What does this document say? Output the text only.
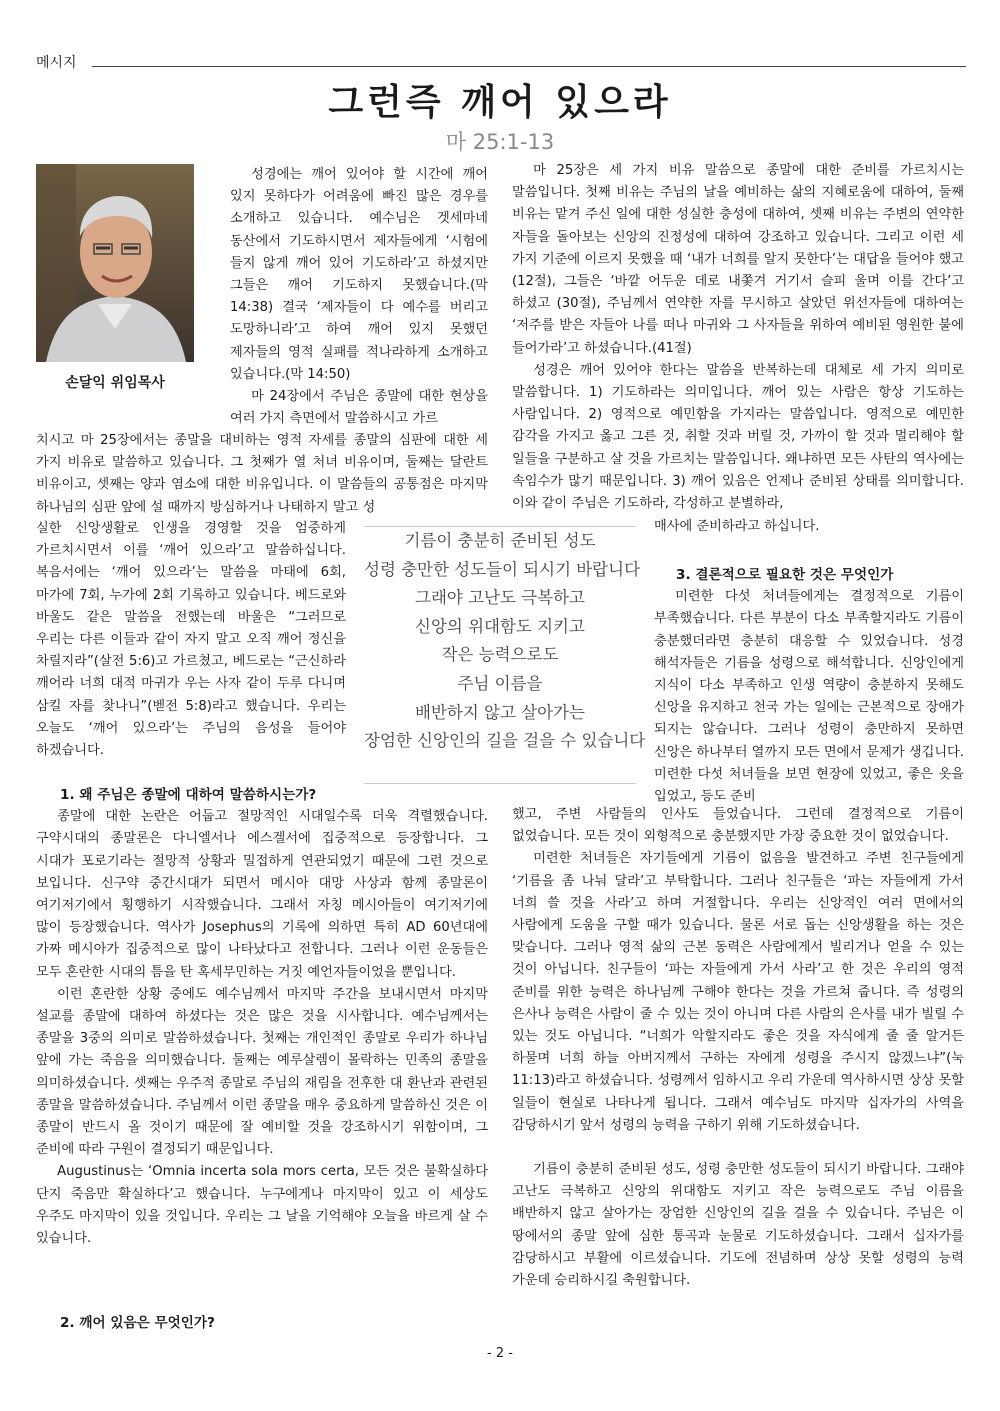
메시지
그런즉 깨어 있으라
마 25:1-13
손달익 위임목사

성경에는 깨어 있어야 할 시간에 깨어 있지 못하다가 어려움에 빠진 많은 경우를 소개하고 있습니다. 예수님은 겟세마네 동산에서 기도하시면서 제자들에게 ‘시험에 들지 않게 깨어 있어 기도하라’고 하셨지만 그들은 깨어 기도하지 못했습니다.(막 14:38) 결국 ‘제자들이 다 예수를 버리고 도망하니라’고 하여 깨어 있지 못했던 제자들의 영적 실패를 적나라하게 소개하고 있습니다.(막 14:50)

마 24장에서 주님은 종말에 대한 현상을 여러 가지 측면에서 말씀하시고 가르

치시고 마 25장에서는 종말을 대비하는 영적 자세를 종말의 심판에 대한 세 가지 비유로 말씀하고 있습니다. 그 첫째가 열 처녀 비유이며, 둘째는 달란트 비유이고, 셋째는 양과 염소에 대한 비유입니다. 이 말씀들의 공통점은 마지막 하나님의 심판 앞에 설 때까지 방심하거나 나태하지 말고 성

실한 신앙생활로 인생을 경영할 것을 엄중하게 가르치시면서 이를 ‘깨어 있으라’고 말씀하십니다. 복음서에는 ‘깨어 있으라’는 말씀을 마태에 6회, 마가에 7회, 누가에 2회 기록하고 있습니다. 베드로와 바울도 같은 말씀을 전했는데 바울은 “그러므로 우리는 다른 이들과 같이 자지 말고 오직 깨어 정신을 차릴지라”(살전 5:6)고 가르쳤고, 베드로는 “근신하라 깨어라 너희 대적 마귀가 우는 사자 같이 두루 다니며 삼킬 자를 찾나니”(벧전 5:8)라고 했습니다. 우리는 오늘도 ‘깨어 있으라’는 주님의 음성을 들어야 하겠습니다.

기름이 충분히 준비된 성도
성령 충만한 성도들이 되시기 바랍니다
그래야 고난도 극복하고
신앙의 위대함도 지키고
작은 능력으로도
주님 이름을
배반하지 않고 살아가는
장엄한 신앙인의 길을 걸을 수 있습니다
1. 왜 주님은 종말에 대하여 말씀하시는가?

종말에 대한 논란은 어둡고 절망적인 시대일수록 더욱 격렬했습니다. 구약시대의 종말론은 다니엘서나 에스겔서에 집중적으로 등장합니다. 그 시대가 포로기라는 절망적 상황과 밀접하게 연관되었기 때문에 그런 것으로 보입니다. 신구약 중간시대가 되면서 메시아 대망 사상과 함께 종말론이 여기저기에서 횡행하기 시작했습니다. 그래서 자칭 메시아들이 여기저기에 많이 등장했습니다. 역사가 Josephus의 기록에 의하면 특히 AD 60년대에 가짜 메시아가 집중적으로 많이 나타났다고 전합니다. 그러나 이런 운동들은 모두 혼란한 시대의 틈을 탄 혹세무민하는 거짓 예언자들이었을 뿐입니다.

이런 혼란한 상황 중에도 예수님께서 마지막 주간을 보내시면서 마지막 설교를 종말에 대하여 하셨다는 것은 많은 것을 시사합니다. 예수님께서는 종말을 3중의 의미로 말씀하셨습니다. 첫째는 개인적인 종말로 우리가 하나님 앞에 가는 죽음을 의미했습니다. 둘째는 예루살렘이 몰락하는 민족의 종말을 의미하셨습니다. 셋째는 우주적 종말로 주님의 재림을 전후한 대 환난과 관련된 종말을 말씀하셨습니다. 주님께서 이런 종말을 매우 중요하게 말씀하신 것은 이 종말이 반드시 올 것이기 때문에 잘 예비할 것을 강조하시기 위함이며, 그 준비에 따라 구원이 결정되기 때문입니다.

Augustinus는 ‘Omnia incerta sola mors certa, 모든 것은 불확실하다 단지 죽음만 확실하다’고 했습니다. 누구에게나 마지막이 있고 이 세상도 우주도 마지막이 있을 것입니다. 우리는 그 날을 기억해야 오늘을 바르게 살 수 있습니다.

2. 깨어 있음은 무엇인가?

마 25장은 세 가지 비유 말씀으로 종말에 대한 준비를 가르치시는 말씀입니다. 첫째 비유는 주님의 날을 예비하는 삶의 지혜로움에 대하여, 둘째 비유는 맡겨 주신 일에 대한 성실한 충성에 대하여, 셋째 비유는 주변의 연약한 자들을 돌아보는 신앙의 진정성에 대하여 강조하고 있습니다. 그리고 이런 세 가지 기준에 이르지 못했을 때 ‘내가 너희를 알지 못한다’는 대답을 들어야 했고(12절), 그들은 ‘바깥 어두운 데로 내쫓겨 거기서 슬피 울며 이를 간다’고 하셨고 (30절), 주님께서 연약한 자를 무시하고 살았던 위선자들에 대하여는 ‘저주를 받은 자들아 나를 떠나 마귀와 그 사자들을 위하여 예비된 영원한 불에 들어가라’고 하셨습니다.(41절)

성경은 깨어 있어야 한다는 말씀을 반복하는데 대체로 세 가지 의미로 말씀합니다. 1) 기도하라는 의미입니다. 깨어 있는 사람은 항상 기도하는 사람입니다. 2) 영적으로 예민함을 가지라는 말씀입니다. 영적으로 예민한 감각을 가지고 옳고 그른 것, 취할 것과 버릴 것, 가까이 할 것과 멀리해야 할 일들을 구분하고 살 것을 가르치는 말씀입니다. 왜냐하면 모든 사탄의 역사에는 속임수가 많기 때문입니다. 3) 깨어 있음은 언제나 준비된 상태를 의미합니다. 이와 같이 주님은 기도하라, 각성하고 분별하라,

매사에 준비하라고 하십니다.

3. 결론적으로 필요한 것은 무엇인가

미련한 다섯 처녀들에게는 결정적으로 기름이 부족했습니다. 다른 부분이 다소 부족할지라도 기름이 충분했더라면 충분히 대응할 수 있었습니다. 성경 해석자들은 기름을 성령으로 해석합니다. 신앙인에게 지식이 다소 부족하고 인생 역량이 충분하지 못해도 신앙을 유지하고 천국 가는 일에는 근본적으로 장애가 되지는 않습니다. 그러나 성령이 충만하지 못하면 신앙은 하나부터 열까지 모든 면에서 문제가 생깁니다. 미련한 다섯 처녀들을 보면 현장에 있었고, 좋은 옷을 입었고, 등도 준비

했고, 주변 사람들의 인사도 들었습니다. 그런데 결정적으로 기름이 없었습니다. 모든 것이 외형적으로 충분했지만 가장 중요한 것이 없었습니다.

미련한 처녀들은 자기들에게 기름이 없음을 발견하고 주변 친구들에게 ‘기름을 좀 나눠 달라’고 부탁합니다. 그러나 친구들은 ‘파는 자들에게 가서 너희 쓸 것을 사라’고 하며 거절합니다. 우리는 신앙적인 여러 면에서의 사람에게 도움을 구할 때가 있습니다. 물론 서로 돕는 신앙생활을 하는 것은 맞습니다. 그러나 영적 삶의 근본 동력은 사람에게서 빌리거나 얻을 수 있는 것이 아닙니다. 친구들이 ‘파는 자들에게 가서 사라’고 한 것은 우리의 영적 준비를 위한 능력은 하나님께 구해야 한다는 것을 가르쳐 줍니다. 즉 성령의 은사나 능력은 사람이 줄 수 있는 것이 아니며 다른 사람의 은사를 내가 빌릴 수 있는 것도 아닙니다. “너희가 악할지라도 좋은 것을 자식에게 줄 줄 알거든 하물며 너희 하늘 아버지께서 구하는 자에게 성령을 주시지 않겠느냐”(눅 11:13)라고 하셨습니다. 성령께서 임하시고 우리 가운데 역사하시면 상상 못할 일들이 현실로 나타나게 됩니다. 그래서 예수님도 마지막 십자가의 사역을 감당하시기 앞서 성령의 능력을 구하기 위해 기도하셨습니다.

기름이 충분히 준비된 성도, 성령 충만한 성도들이 되시기 바랍니다. 그래야 고난도 극복하고 신앙의 위대함도 지키고 작은 능력으로도 주님 이름을 배반하지 않고 살아가는 장엄한 신앙인의 길을 걸을 수 있습니다. 주님은 이 땅에서의 종말 앞에 심한 통곡과 눈물로 기도하셨습니다. 그래서 십자가를 감당하시고 부활에 이르셨습니다. 기도에 전념하며 상상 못할 성령의 능력 가운데 승리하시길 축원합니다.

- 2 -
